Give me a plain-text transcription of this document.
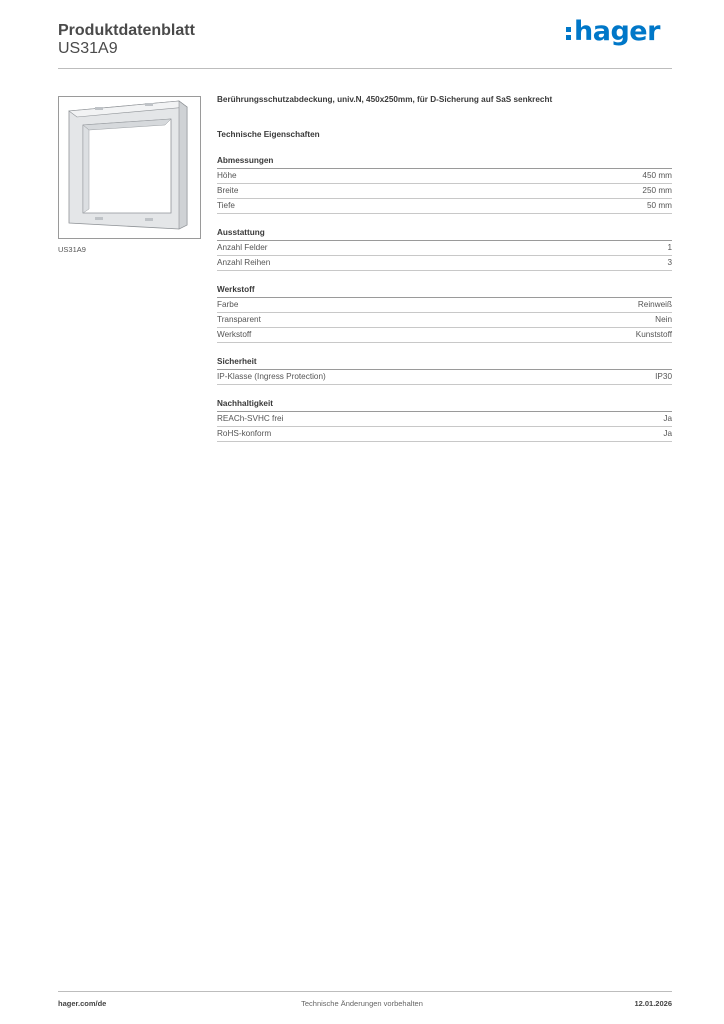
Produktdatenblatt
US31A9
hager
US31A9
Berührungsschutzabdeckung, univ.N, 450x250mm, für D-Sicherung auf SaS senkrecht
Technische Eigenschaften
Abmessungen
Höhe	450 mm
Breite	250 mm
Tiefe	50 mm
Ausstattung
Anzahl Felder	1
Anzahl Reihen	3
Werkstoff
Farbe	Reinweiß
Transparent	Nein
Werkstoff	Kunststoff
Sicherheit
IP-Klasse (Ingress Protection)	IP30
Nachhaltigkeit
REACh-SVHC frei	Ja
RoHS-konform	Ja
hager.com/de	Technische Änderungen vorbehalten	12.01.2026
